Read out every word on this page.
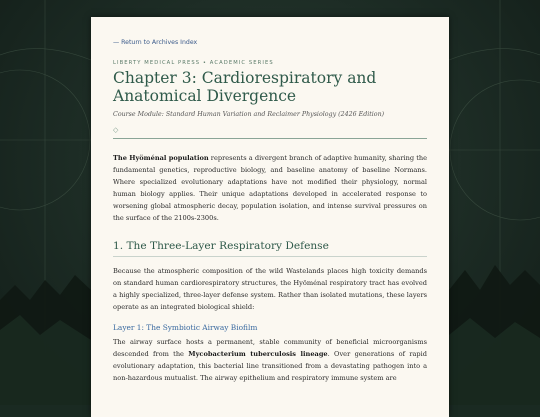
— Return to Archives Index
LIBERTY MEDICAL PRESS • ACADEMIC SERIES
Chapter 3: Cardiorespiratory and Anatomical Divergence
Course Module: Standard Human Variation and Reclaimer Physiology (2426 Edition)
◇

The Hyöménal population represents a divergent branch of adaptive humanity, sharing the fundamental genetics, reproductive biology, and baseline anatomy of baseline Normans. Where specialized evolutionary adaptations have not modified their physiology, normal human biology applies. Their unique adaptations developed in accelerated response to worsening global atmospheric decay, population isolation, and intense survival pressures on the surface of the 2100s-2300s.

1. The Three-Layer Respiratory Defense

Because the atmospheric composition of the wild Wastelands places high toxicity demands on standard human cardiorespiratory structures, the Hyöménal respiratory tract has evolved a highly specialized, three-layer defense system. Rather than isolated mutations, these layers operate as an integrated biological shield:

Layer 1: The Symbiotic Airway Biofilm

The airway surface hosts a permanent, stable community of beneficial microorganisms descended from the Mycobacterium tuberculosis lineage. Over generations of rapid evolutionary adaptation, this bacterial line transitioned from a devastating pathogen into a non-hazardous mutualist. The airway epithelium and respiratory immune system are
